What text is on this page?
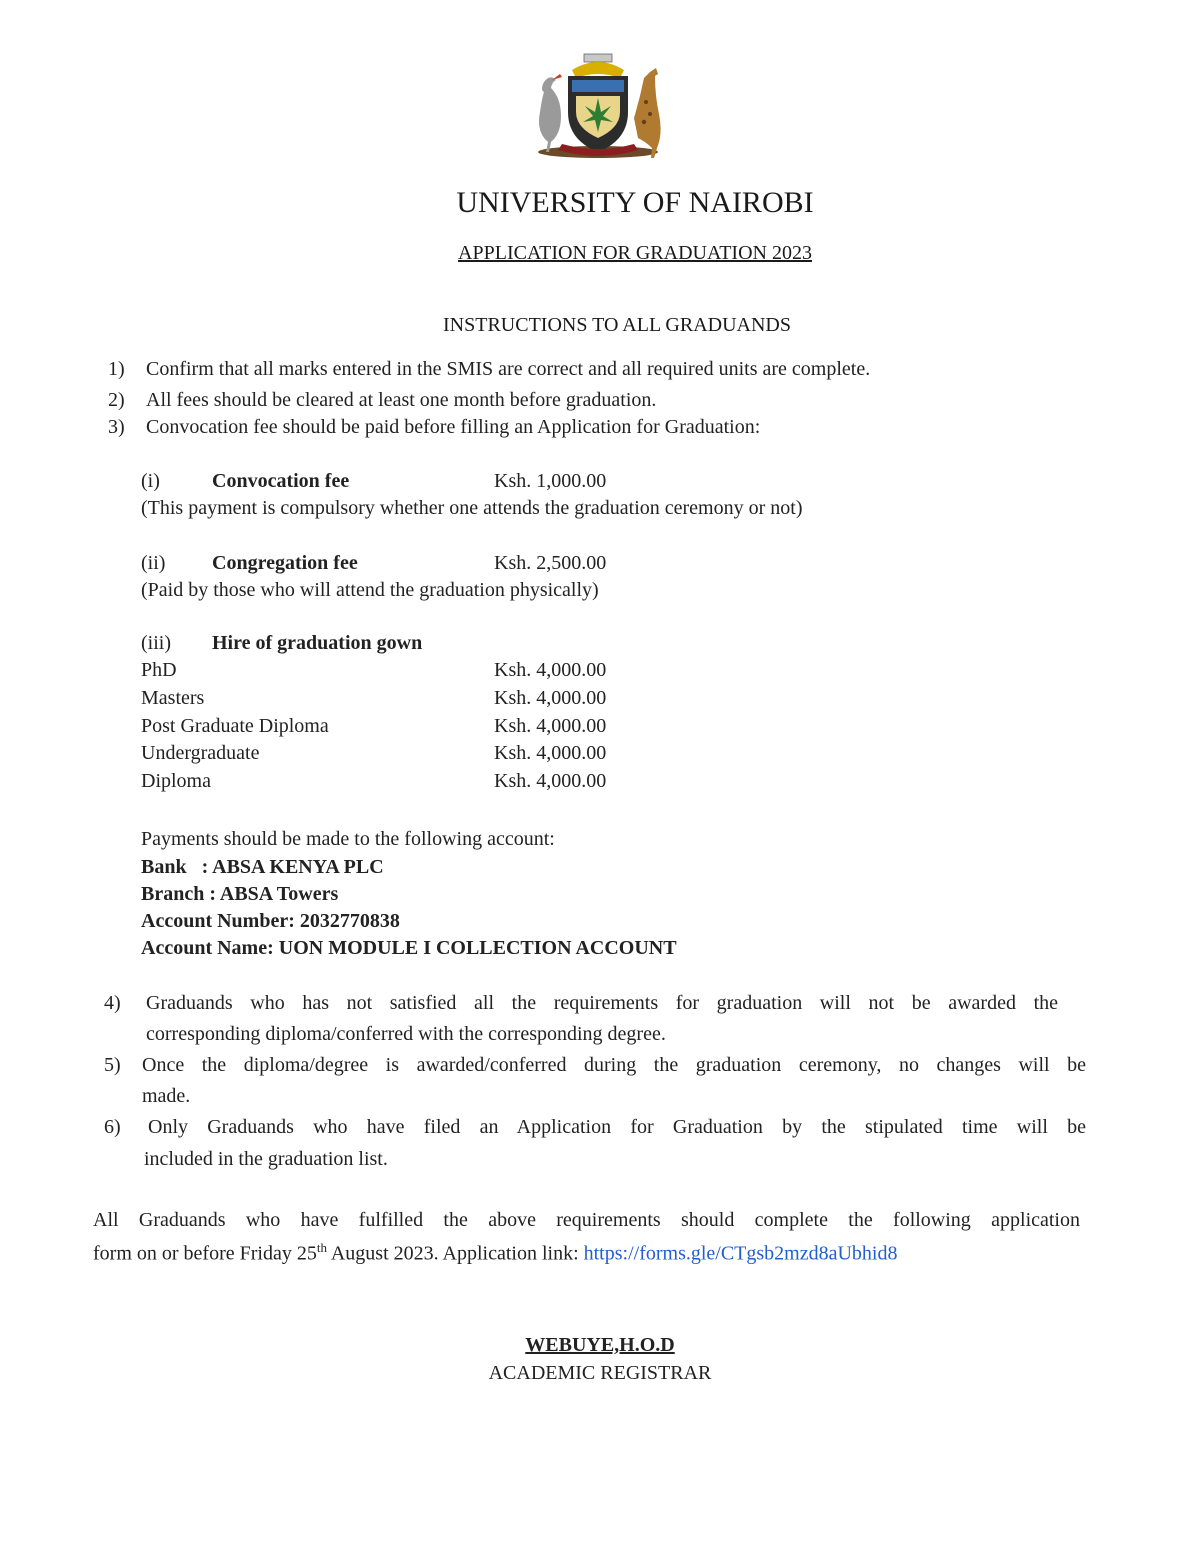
UNIVERSITY OF NAIROBI
APPLICATION FOR GRADUATION 2023
INSTRUCTIONS TO ALL GRADUANDS
1) Confirm that all marks entered in the SMIS are correct and all required units are complete.
2) All fees should be cleared at least one month before graduation.
3) Convocation fee should be paid before filling an Application for Graduation:
(i)	Convocation fee	Ksh. 1,000.00
(This payment is compulsory whether one attends the graduation ceremony or not)
(ii) Congregation fee	Ksh. 2,500.00
(Paid by those who will attend the graduation physically)
(iii) Hire of graduation gown
PhD	Ksh. 4,000.00
Masters	Ksh. 4,000.00
Post Graduate Diploma	Ksh. 4,000.00
Undergraduate	Ksh. 4,000.00
Diploma	Ksh. 4,000.00
Payments should be made to the following account:
Bank   : ABSA KENYA PLC
Branch : ABSA Towers
Account Number: 2032770838
Account Name: UON MODULE I COLLECTION ACCOUNT
4) Graduands who has not satisfied all the requirements for graduation will not be awarded the
corresponding diploma/conferred with the corresponding degree.
5) Once the diploma/degree is awarded/conferred during the graduation ceremony, no changes will be
made.
6) Only Graduands who have filed an Application for Graduation by the stipulated time will be
included in the graduation list.
All Graduands who have fulfilled the above requirements should complete the following application
form on or before Friday 25th August 2023. Application link: https://forms.gle/CTgsb2mzd8aUbhid8
WEBUYE,H.O.D
ACADEMIC REGISTRAR
